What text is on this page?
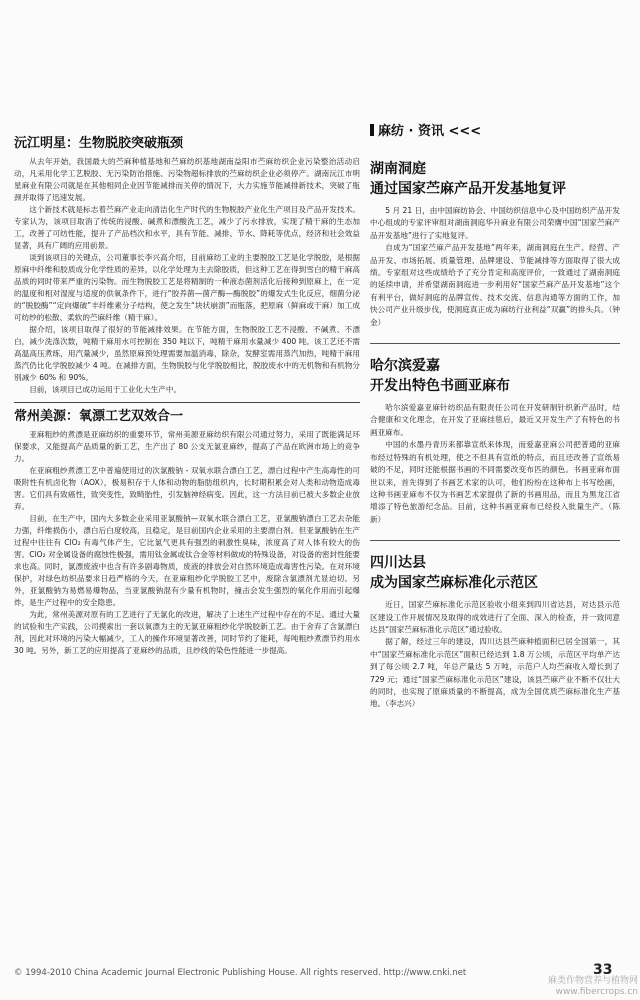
沅江明星：生物脱胶突破瓶颈

从去年开始，我国最大的苎麻种植基地和苎麻纺织基地湖南益阳市苎麻纺织企业污染整治活动启动，凡采用化学工艺脱胶、无污染防治措施、污染物超标排放的苎麻纺织企业必须停产。湖南沅江市明星麻业有限公司就是在其他相同企业因节能减排而关停的情况下，大力实施节能减排新技术，突破了瓶颈并取得了迅速发展。

这个新技术就是标志着苎麻产业走向清洁化生产时代的生物脱胶产业化生产项目及产品开发技术。专家认为，该项目取消了传统的浸酸、碱煮和漂酸洗工艺，减少了污水排放，实现了精干麻的生态加工，改善了可纺性能，提升了产品档次和水平，具有节能、减排、节水、降耗等优点，经济和社会效益显著，具有广阔的应用前景。

谈到该项目的关键点，公司董事长李兴高介绍，目前麻纺工业的主要脱胶工艺是化学脱胶，是根据原麻中纤维和胶质成分化学性质的差异，以化学处理为主去除胶质，但这种工艺在得到雪白的精干麻高品质的同时带来严重的污染物。而生物脱胶工艺是将精制的一种液态菌剂活化后接种到原麻上，在一定的温度和相对湿度与适度的供氧条件下，进行“胶养菌—菌产酶—酶脱胶”的爆发式生化反应，细菌分泌的“脱胶酶”“定向爆破”丰纤维素分子结构，使之发生“块状崩溃”而瓶落，把原麻（鲜麻或干麻）加工成可纺纱的松散、柔软的苎麻纤维（精干麻）。

据介绍，该项目取得了很好的节能减排效果。在节能方面，生物脱胶工艺不浸酸、不碱煮、不漂白，减少洗涤次数，吨精干麻用水可控制在 350 吨以下，吨精干麻用水量减少 400 吨。该工艺还不需高温高压煮练，用汽量减少，虽然原麻预处理需要加温消毒，除杂，发酵室需用蒸汽加热，吨精干麻用蒸汽仍比化学脱胶减少 4 吨。在减排方面，生物脱胶与化学脱胶相比，脱胶废水中的无机物和有机物分别减少 60% 和 90%。

目前，该项目已成功运用于工业化大生产中。

常州美源：氧漂工艺双效合一

亚麻粗纱的煮漂是亚麻纺织的重要环节，常州美源亚麻纺织有限公司通过努力，采用了既能满足环保要求，又能提高产品质量的新工艺，生产出了 80 公支无氯亚麻纱，提高了产品在欧洲市场上的竞争力。

在亚麻粗纱煮漂工艺中普遍使用过的次氯酸钠 - 双氧水联合漂白工艺，漂白过程中产生高毒性的可吸附性有机卤化物（AOX），极易积存于人体和动物的脂肪组织内，长时期积累会对人类和动物造成毒害。它们具有致癌性，致突变性，致畸胎性，引发脑神经病变。因此，这一方法目前已被大多数企业放弃。

目前，在生产中，国内大多数企业采用亚氯酸钠—双氧水联合漂白工艺，亚氯酸钠漂白工艺去杂能力强，纤维损伤小，漂白后白度较高，且稳定，是目前国内企业采用的主要漂白剂。但亚氯酸钠在生产过程中往往有 ClO₂ 有毒气体产生，它比氯气更具有强烈的刺激性臭味，浓度高了对人体有较大的伤害。ClO₂ 对金属设备的腐蚀性极强，需用钛金属或钛合金等材料做成的特殊设备，对设备的密封性能要求也高。同时，氯漂废液中也含有许多剧毒物质，废液的排放会对自然环境造成毒害性污染。在对环境保护，对绿色纺织品要求日趋严格的今天，在亚麻粗纱化学脱胶工艺中，废除含氯漂剂尤显迫切。另外，亚氯酸钠为易燃易爆物品，当亚氯酸钠混有少量有机物时，撞击会发生强烈的氧化作用而引起爆炸，是生产过程中的安全隐患。

为此，常州美源对原有的工艺进行了无氯化的改进，解决了上述生产过程中存在的不足。通过大量的试验和生产实践，公司摸索出一套以氧漂为主的无氯亚麻粗纱化学脱胶新工艺。由于舍弃了含氯漂白剂，因此对环境的污染大幅减少，工人的操作环境显著改善，同时节约了能耗，每吨粗纱煮漂节约用水 30 吨。另外，新工艺的应用提高了亚麻纱的品质，且纱线的染色性能进一步提高。

麻纺 · 资讯 <<<

湖南洞庭

通过国家苎麻产品开发基地复评

5 月 21 日，由中国麻纺协会、中国纺织信息中心及中国纺织产品开发中心组成的专家评审组对湖南洞庭华升麻业有限公司荣膺中国“国家苎麻产品开发基地”进行了实地复评。

自成为“国家苎麻产品开发基地”两年来，湖南洞庭在生产、经营、产品开发、市场拓展、质量管理、品牌建设、节能减排等方面取得了很大成绩。专家组对这些成绩给予了充分肯定和高度评价，一致通过了湖南洞庭的延续申请，并希望湖南洞庭进一步利用好“国家苎麻产品开发基地”这个有利平台，做好洞庭的品牌宣传、技术交流、信息沟通等方面的工作，加快公司产业升级步伐，使洞庭真正成为麻纺行业利益“双赢”的排头兵。（钟金）

哈尔滨爱嘉

开发出特色书画亚麻布

哈尔滨爱嘉亚麻针纺织品有限责任公司在开发研制针织新产品时，结合健康和文化理念，在开发了亚麻挂毯后，最近又开发生产了有特色的书画亚麻布。

中国的水墨丹青历来都靠宣纸来体现，而爱嘉亚麻公司把普通的亚麻布经过特殊的有机处理，使之不但具有宣纸的特点，而且还改善了宣纸易破的不足，同时还能根据书画的不同需要改变布匹的颜色。书画亚麻布面世以来，首先得到了书画艺术家的认可，他们纷纷在这种布上书写绘画，这种书画亚麻布不仅为书画艺术家提供了新的书画用品，而且为黑龙江省增添了特色旅游纪念品。目前，这种书画亚麻布已经投入批量生产。（陈新）

四川达县

成为国家苎麻标准化示范区

近日，国家苎麻标准化示范区验收小组来到四川省达县，对达县示范区建设工作开展情况及取得的成效进行了全面、深入的检查，并一致同意达县“国家苎麻标准化示范区”通过验收。

据了解，经过三年的建设，四川达县苎麻种植面积已居全国第一，其中“国家苎麻标准化示范区”面积已经达到 1.8 万公顷，示范区平均单产达到了每公顷 2.7 吨，年总产量达 5 万吨，示范户人均苎麻收入增长到了 729 元；通过“国家苎麻标准化示范区”建设，该县苎麻产业不断不仅壮大的同时，也实现了原麻质量的不断提高，成为全国优质苎麻标准化生产基地。（李志兴）

© 1994-2010 China Academic Journal Electronic Publishing House. All rights reserved. http://www.cnki.net	33
麻类作物营养与植物网
www.fibercrops.cn
